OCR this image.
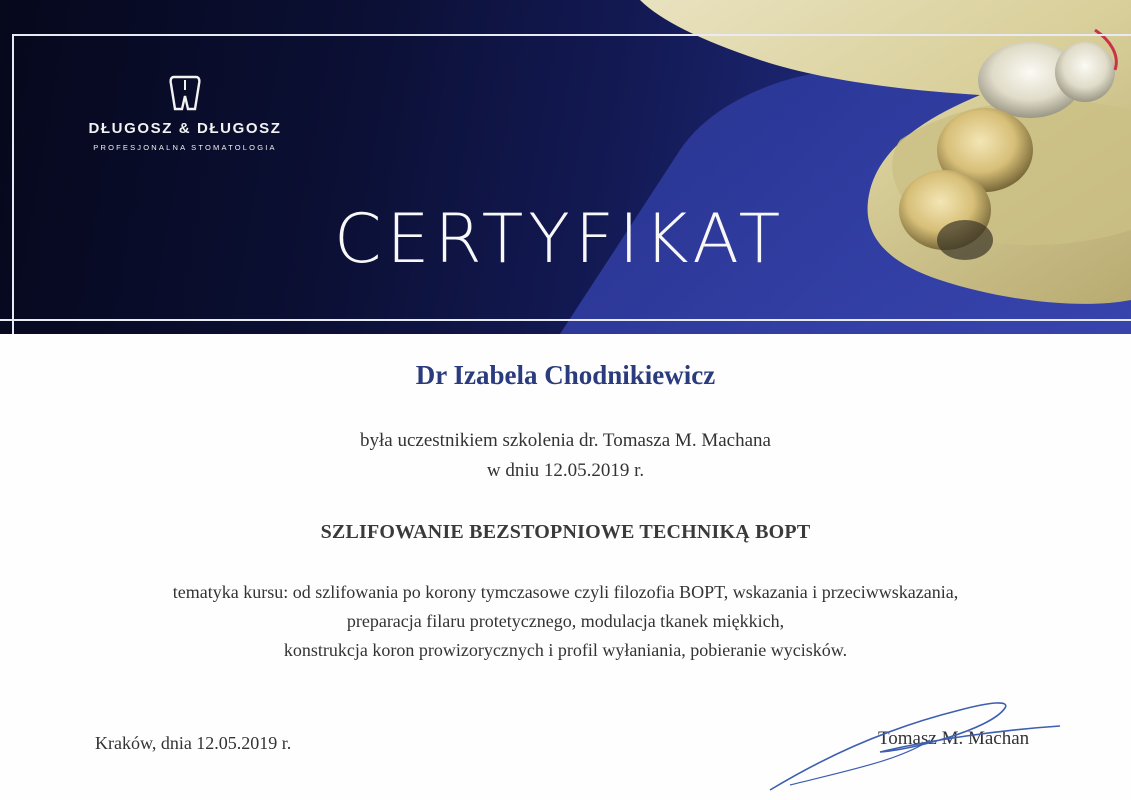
DŁUGOSZ & DŁUGOSZ
PROFESJONALNA STOMATOLOGIA
CERTYFIKAT
Dr Izabela Chodnikiewicz
była uczestnikiem szkolenia dr. Tomasza M. Machana
w dniu 12.05.2019 r.
SZLIFOWANIE BEZSTOPNIOWE TECHNIKĄ BOPT
tematyka kursu: od szlifowania po korony tymczasowe czyli filozofia BOPT, wskazania i przeciwwskazania,
preparacja filaru protetycznego, modulacja tkanek miękkich,
konstrukcja koron prowizorycznych i profil wyłaniania, pobieranie wycisków.
Kraków, dnia 12.05.2019 r.	Tomasz M. Machan
